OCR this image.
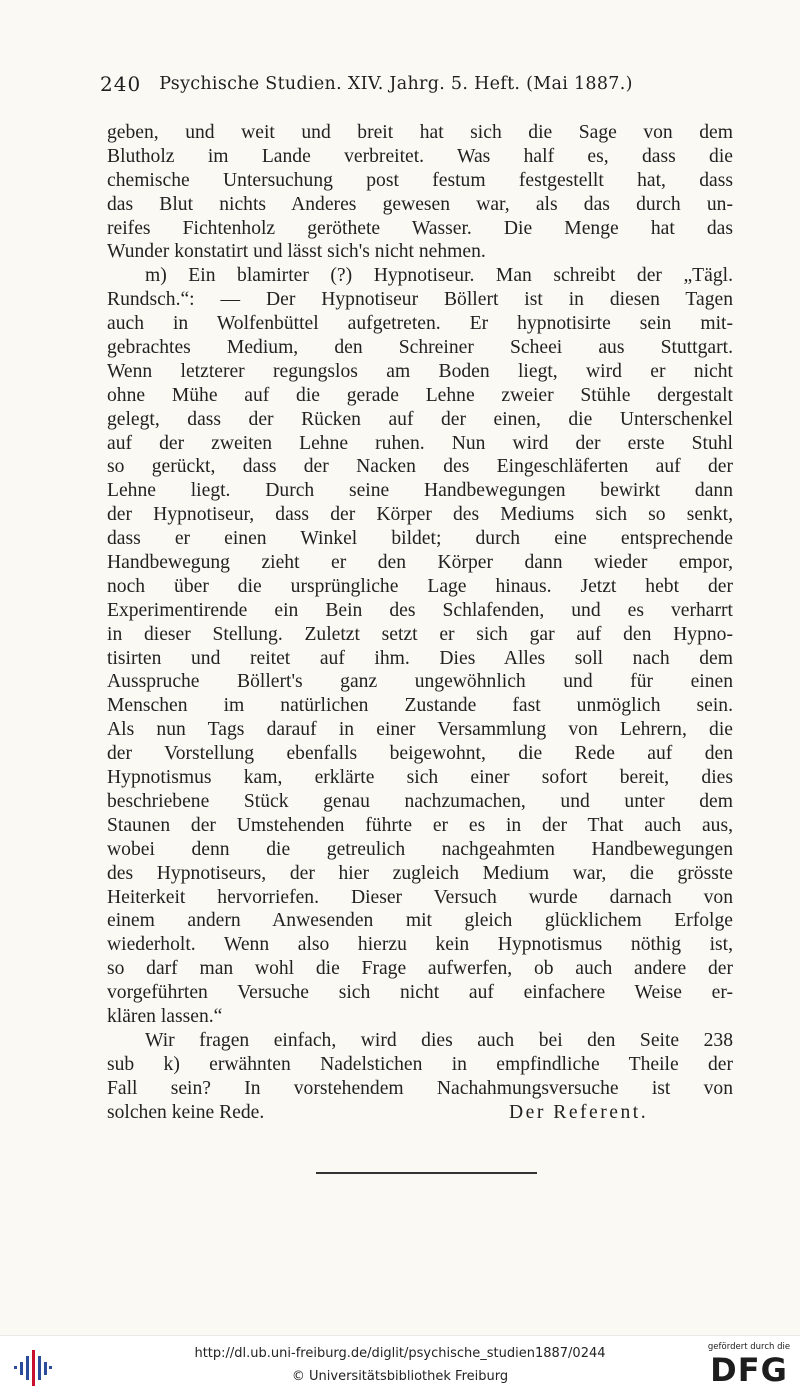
240 Psychische Studien. XIV. Jahrg. 5. Heft. (Mai 1887.)
geben, und weit und breit hat sich die Sage von dem
Blutholz im Lande verbreitet. Was half es, dass die
chemische Untersuchung post festum festgestellt hat, dass
das Blut nichts Anderes gewesen war, als das durch un-
reifes Fichtenholz geröthete Wasser. Die Menge hat das
Wunder konstatirt und lässt sich's nicht nehmen.
m) Ein blamirter (?) Hypnotiseur. Man schreibt der „Tägl.
Rundsch.“: — Der Hypnotiseur Böllert ist in diesen Tagen
auch in Wolfenbüttel aufgetreten. Er hypnotisirte sein mit-
gebrachtes Medium, den Schreiner Scheei aus Stuttgart.
Wenn letzterer regungslos am Boden liegt, wird er nicht
ohne Mühe auf die gerade Lehne zweier Stühle dergestalt
gelegt, dass der Rücken auf der einen, die Unterschenkel
auf der zweiten Lehne ruhen. Nun wird der erste Stuhl
so gerückt, dass der Nacken des Eingeschläferten auf der
Lehne liegt. Durch seine Handbewegungen bewirkt dann
der Hypnotiseur, dass der Körper des Mediums sich so senkt,
dass er einen Winkel bildet; durch eine entsprechende
Handbewegung zieht er den Körper dann wieder empor,
noch über die ursprüngliche Lage hinaus. Jetzt hebt der
Experimentirende ein Bein des Schlafenden, und es verharrt
in dieser Stellung. Zuletzt setzt er sich gar auf den Hypno-
tisirten und reitet auf ihm. Dies Alles soll nach dem
Ausspruche Böllert's ganz ungewöhnlich und für einen
Menschen im natürlichen Zustande fast unmöglich sein.
Als nun Tags darauf in einer Versammlung von Lehrern, die
der Vorstellung ebenfalls beigewohnt, die Rede auf den
Hypnotismus kam, erklärte sich einer sofort bereit, dies
beschriebene Stück genau nachzumachen, und unter dem
Staunen der Umstehenden führte er es in der That auch aus,
wobei denn die getreulich nachgeahmten Handbewegungen
des Hypnotiseurs, der hier zugleich Medium war, die grösste
Heiterkeit hervorriefen. Dieser Versuch wurde darnach von
einem andern Anwesenden mit gleich glücklichem Erfolge
wiederholt. Wenn also hierzu kein Hypnotismus nöthig ist,
so darf man wohl die Frage aufwerfen, ob auch andere der
vorgeführten Versuche sich nicht auf einfachere Weise er-
klären lassen.“
Wir fragen einfach, wird dies auch bei den Seite 238
sub k) erwähnten Nadelstichen in empfindliche Theile der
Fall sein? In vorstehendem Nachahmungsversuche ist von
solchen keine Rede.	Der Referent.
http://dl.ub.uni-freiburg.de/diglit/psychische_studien1887/0244
© Universitätsbibliothek Freiburg
gefördert durch die
DFG
